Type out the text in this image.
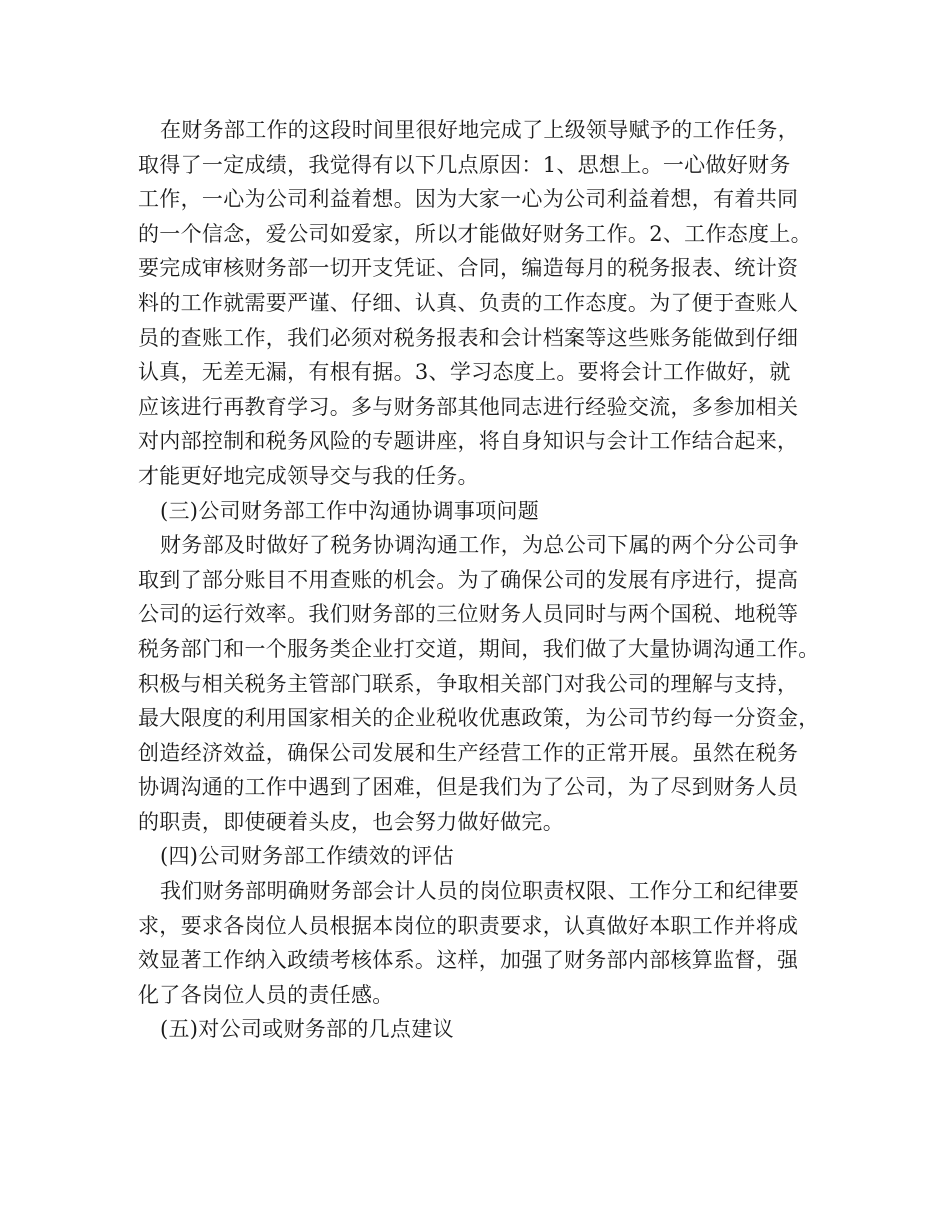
在财务部工作的这段时间里很好地完成了上级领导赋予的工作任务，
取得了一定成绩，我觉得有以下几点原因：1、思想上。一心做好财务
工作，一心为公司利益着想。因为大家一心为公司利益着想，有着共同
的一个信念，爱公司如爱家，所以才能做好财务工作。2、工作态度上。
要完成审核财务部一切开支凭证、合同，编造每月的税务报表、统计资
料的工作就需要严谨、仔细、认真、负责的工作态度。为了便于查账人
员的查账工作，我们必须对税务报表和会计档案等这些账务能做到仔细
认真，无差无漏，有根有据。3、学习态度上。要将会计工作做好，就
应该进行再教育学习。多与财务部其他同志进行经验交流，多参加相关
对内部控制和税务风险的专题讲座，将自身知识与会计工作结合起来，
才能更好地完成领导交与我的任务。
(三)公司财务部工作中沟通协调事项问题
财务部及时做好了税务协调沟通工作，为总公司下属的两个分公司争
取到了部分账目不用查账的机会。为了确保公司的发展有序进行，提高
公司的运行效率。我们财务部的三位财务人员同时与两个国税、地税等
税务部门和一个服务类企业打交道，期间，我们做了大量协调沟通工作。
积极与相关税务主管部门联系，争取相关部门对我公司的理解与支持，
最大限度的利用国家相关的企业税收优惠政策，为公司节约每一分资金，
创造经济效益，确保公司发展和生产经营工作的正常开展。虽然在税务
协调沟通的工作中遇到了困难，但是我们为了公司，为了尽到财务人员
的职责，即使硬着头皮，也会努力做好做完。
(四)公司财务部工作绩效的评估
我们财务部明确财务部会计人员的岗位职责权限、工作分工和纪律要
求，要求各岗位人员根据本岗位的职责要求，认真做好本职工作并将成
效显著工作纳入政绩考核体系。这样，加强了财务部内部核算监督，强
化了各岗位人员的责任感。
(五)对公司或财务部的几点建议
